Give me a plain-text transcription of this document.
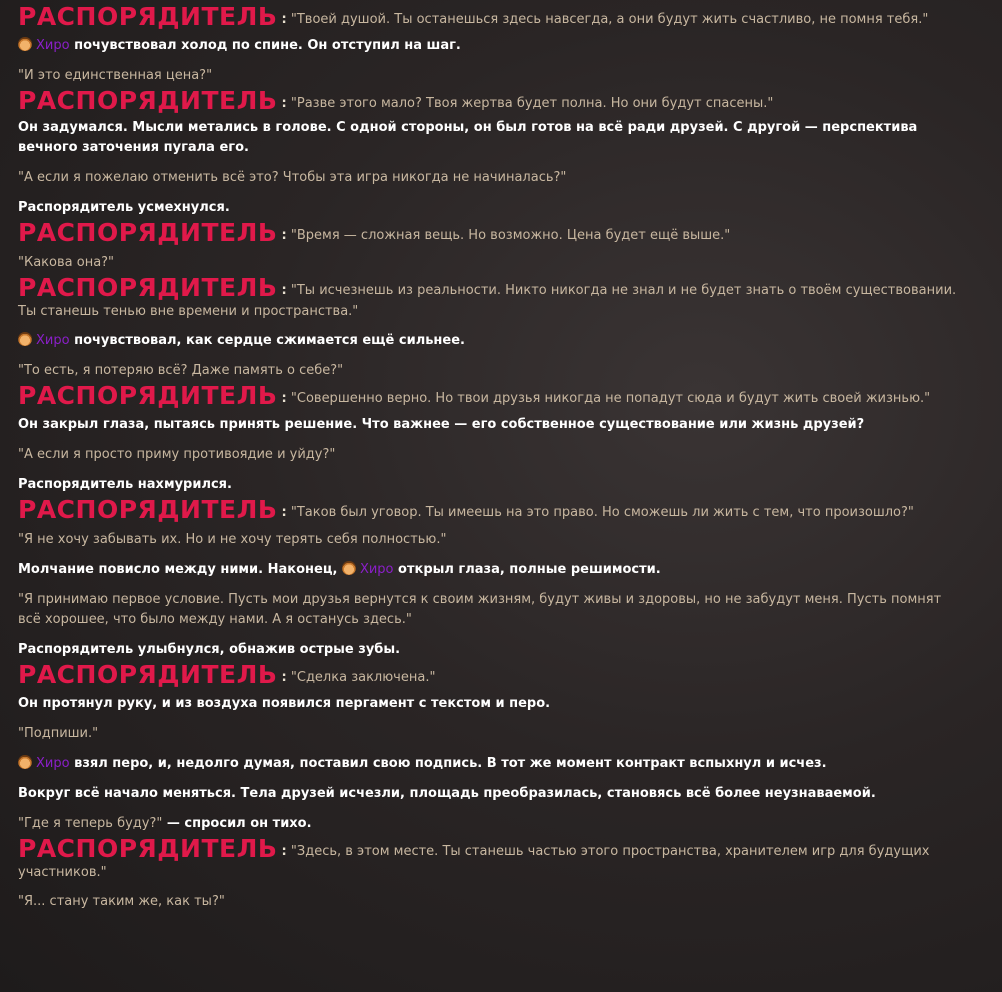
РАСПОРЯДИТЕЛЬ : "Твоей душой. Ты останешься здесь навсегда, а они будут жить счастливо, не помня тебя."

Хиро почувствовал холод по спине. Он отступил на шаг.

"И это единственная цена?"

РАСПОРЯДИТЕЛЬ : "Разве этого мало? Твоя жертва будет полна. Но они будут спасены."

Он задумался. Мысли метались в голове. С одной стороны, он был готов на всё ради друзей. С другой — перспектива вечного заточения пугала его.

"А если я пожелаю отменить всё это? Чтобы эта игра никогда не начиналась?"

Распорядитель усмехнулся.

РАСПОРЯДИТЕЛЬ : "Время — сложная вещь. Но возможно. Цена будет ещё выше."

"Какова она?"

РАСПОРЯДИТЕЛЬ : "Ты исчезнешь из реальности. Никто никогда не знал и не будет знать о твоём существовании. Ты станешь тенью вне времени и пространства."

Хиро почувствовал, как сердце сжимается ещё сильнее.

"То есть, я потеряю всё? Даже память о себе?"

РАСПОРЯДИТЕЛЬ : "Совершенно верно. Но твои друзья никогда не попадут сюда и будут жить своей жизнью."

Он закрыл глаза, пытаясь принять решение. Что важнее — его собственное существование или жизнь друзей?

"А если я просто приму противоядие и уйду?"

Распорядитель нахмурился.

РАСПОРЯДИТЕЛЬ : "Таков был уговор. Ты имеешь на это право. Но сможешь ли жить с тем, что произошло?"

"Я не хочу забывать их. Но и не хочу терять себя полностью."

Молчание повисло между ними. Наконец, Хиро открыл глаза, полные решимости.

"Я принимаю первое условие. Пусть мои друзья вернутся к своим жизням, будут живы и здоровы, но не забудут меня. Пусть помнят всё хорошее, что было между нами. А я останусь здесь."

Распорядитель улыбнулся, обнажив острые зубы.

РАСПОРЯДИТЕЛЬ : "Сделка заключена."

Он протянул руку, и из воздуха появился пергамент с текстом и перо.

"Подпиши."

Хиро взял перо, и, недолго думая, поставил свою подпись. В тот же момент контракт вспыхнул и исчез.

Вокруг всё начало меняться. Тела друзей исчезли, площадь преобразилась, становясь всё более неузнаваемой.

"Где я теперь буду?" — спросил он тихо.

РАСПОРЯДИТЕЛЬ : "Здесь, в этом месте. Ты станешь частью этого пространства, хранителем игр для будущих участников."

"Я... стану таким же, как ты?"
